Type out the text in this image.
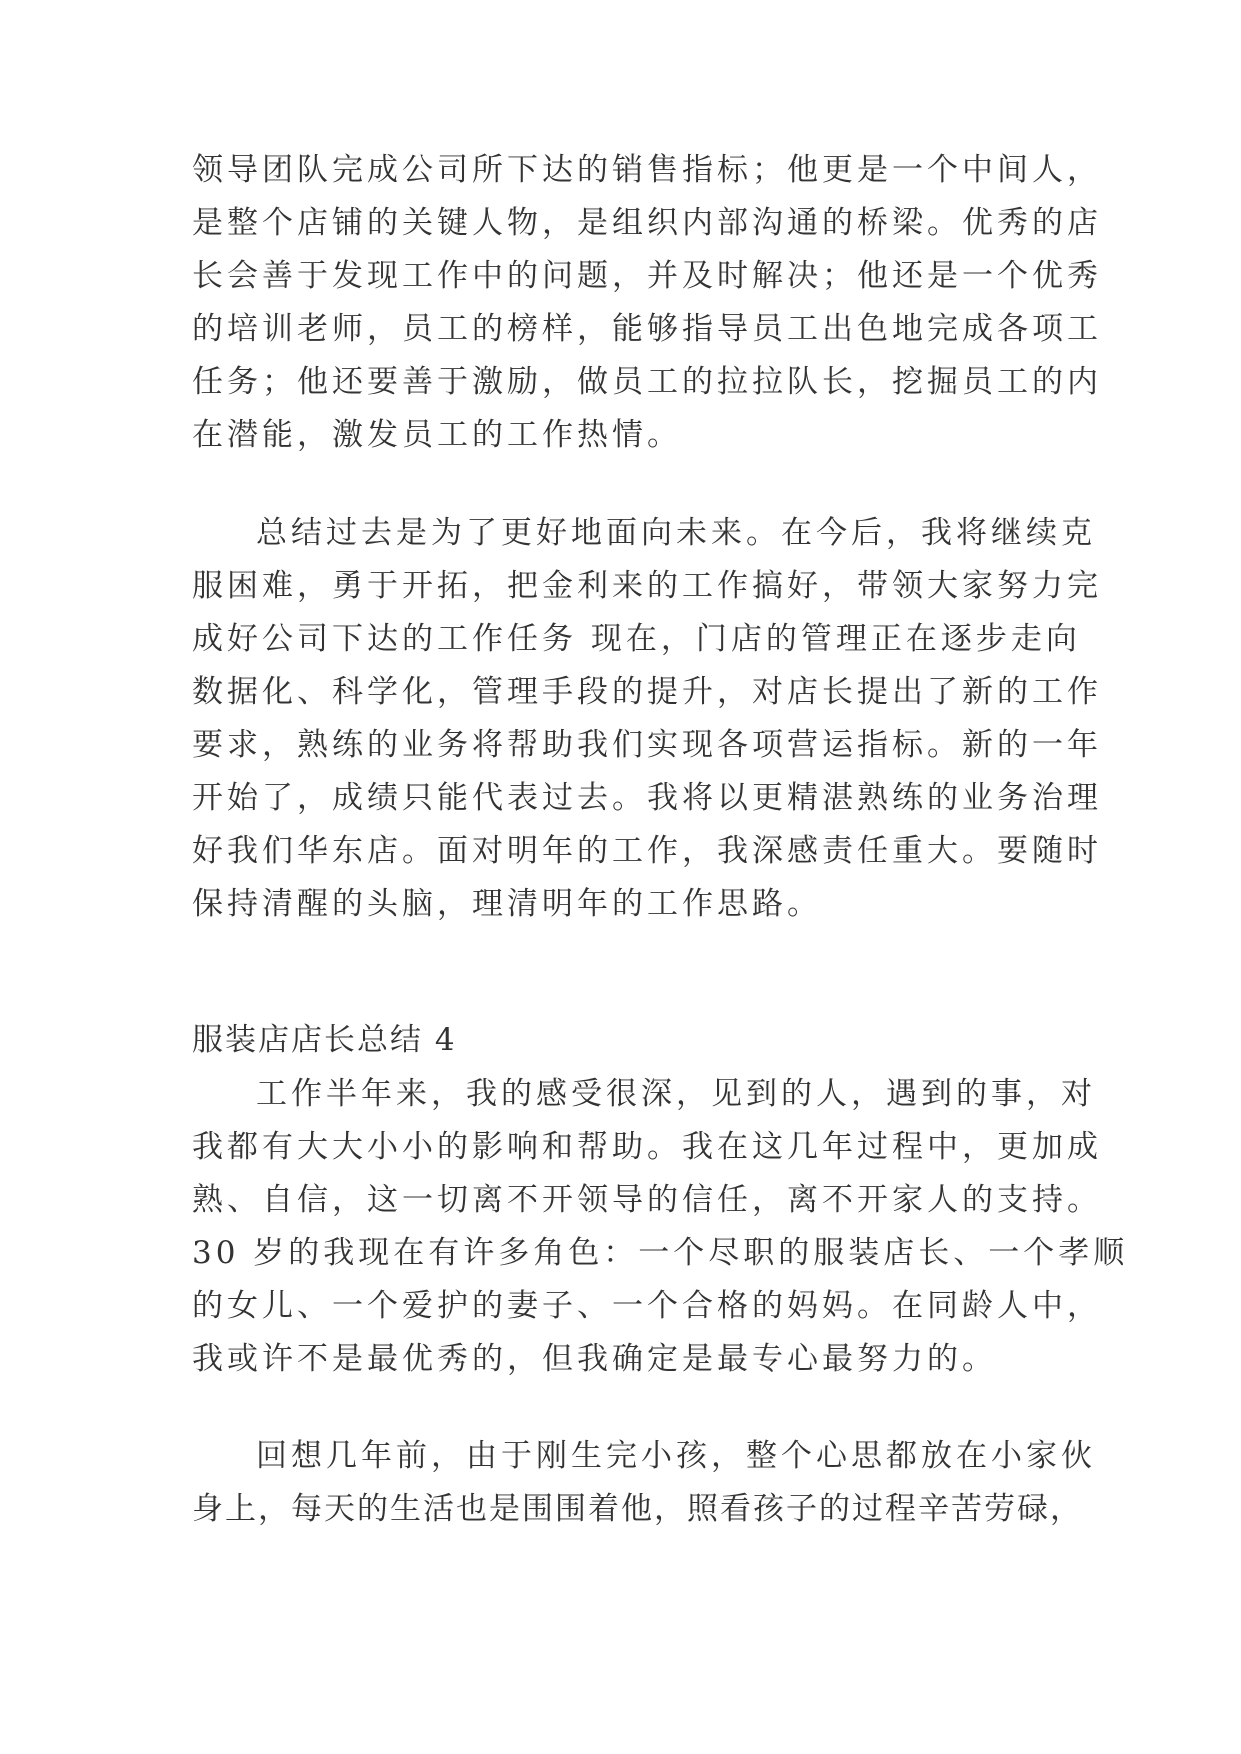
领导团队完成公司所下达的销售指标；他更是一个中间人，
是整个店铺的关键人物，是组织内部沟通的桥梁。优秀的店
长会善于发现工作中的问题，并及时解决；他还是一个优秀
的培训老师，员工的榜样，能够指导员工出色地完成各项工
任务；他还要善于激励，做员工的拉拉队长，挖掘员工的内
在潜能，激发员工的工作热情。
总结过去是为了更好地面向未来。在今后，我将继续克
服困难，勇于开拓，把金利来的工作搞好，带领大家努力完
成好公司下达的工作任务 现在，门店的管理正在逐步走向
数据化、科学化，管理手段的提升，对店长提出了新的工作
要求，熟练的业务将帮助我们实现各项营运指标。新的一年
开始了，成绩只能代表过去。我将以更精湛熟练的业务治理
好我们华东店。面对明年的工作，我深感责任重大。要随时
保持清醒的头脑，理清明年的工作思路。
服装店店长总结 4
工作半年来，我的感受很深，见到的人，遇到的事，对
我都有大大小小的影响和帮助。我在这几年过程中，更加成
熟、自信，这一切离不开领导的信任，离不开家人的支持。
30 岁的我现在有许多角色：一个尽职的服装店长、一个孝顺
的女儿、一个爱护的妻子、一个合格的妈妈。在同龄人中，
我或许不是最优秀的，但我确定是最专心最努力的。
回想几年前，由于刚生完小孩，整个心思都放在小家伙
身上，每天的生活也是围围着他，照看孩子的过程辛苦劳碌，
